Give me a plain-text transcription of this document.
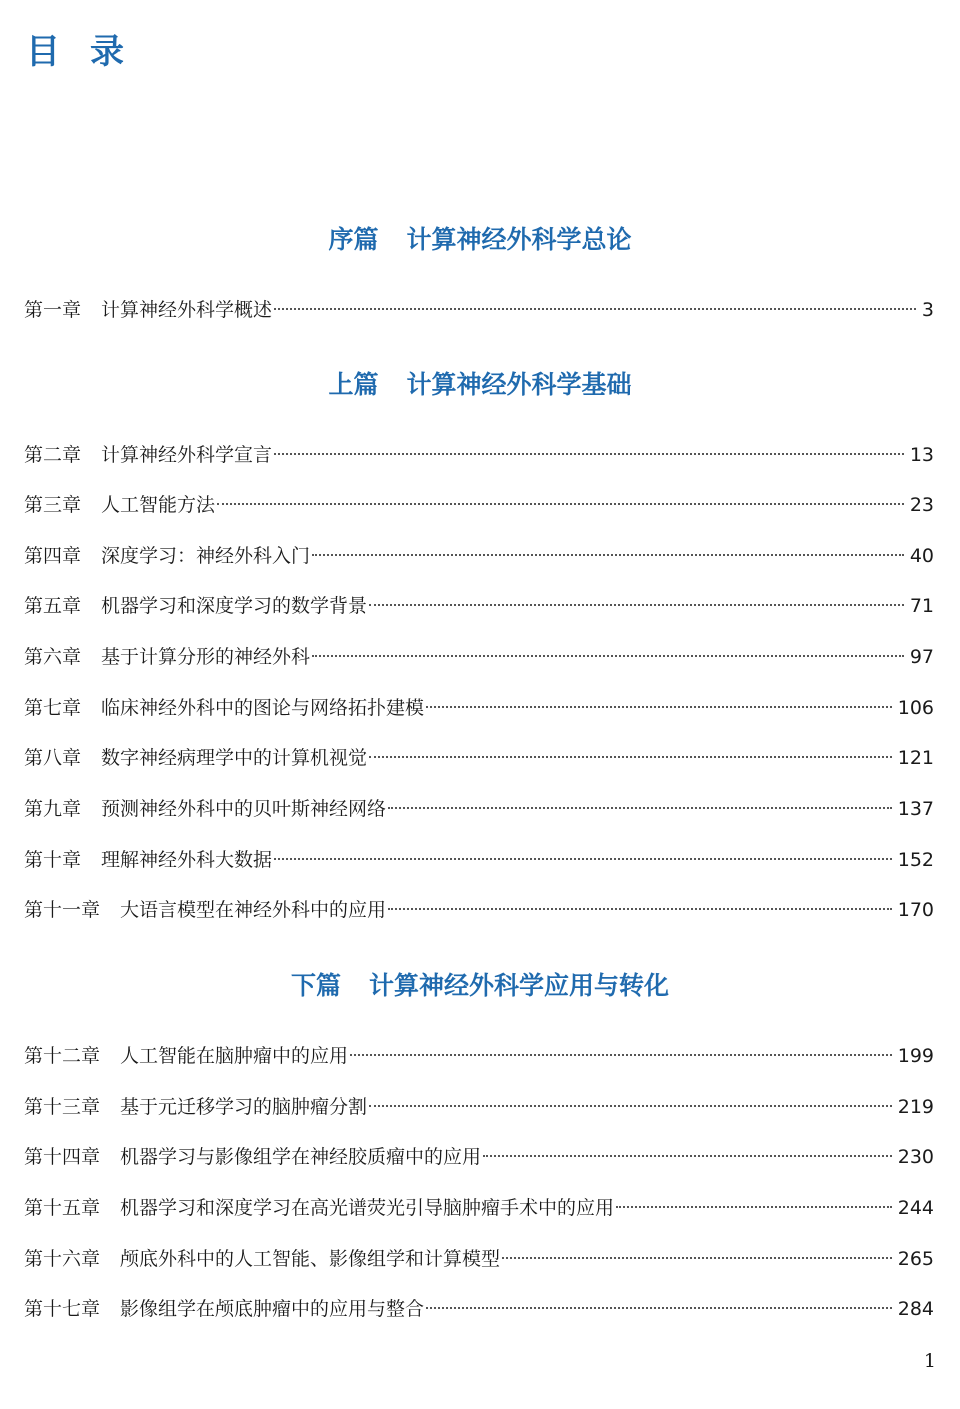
目录
序篇 计算神经外科学总论
第一章 计算神经外科学概述	3
上篇 计算神经外科学基础
第二章 计算神经外科学宣言	13
第三章 人工智能方法	23
第四章 深度学习：神经外科入门	40
第五章 机器学习和深度学习的数学背景	71
第六章 基于计算分形的神经外科	97
第七章 临床神经外科中的图论与网络拓扑建模	106
第八章 数字神经病理学中的计算机视觉	121
第九章 预测神经外科中的贝叶斯神经网络	137
第十章 理解神经外科大数据	152
第十一章 大语言模型在神经外科中的应用	170
下篇 计算神经外科学应用与转化
第十二章 人工智能在脑肿瘤中的应用	199
第十三章 基于元迁移学习的脑肿瘤分割	219
第十四章 机器学习与影像组学在神经胶质瘤中的应用	230
第十五章 机器学习和深度学习在高光谱荧光引导脑肿瘤手术中的应用	244
第十六章 颅底外科中的人工智能、影像组学和计算模型	265
第十七章 影像组学在颅底肿瘤中的应用与整合	284
1
